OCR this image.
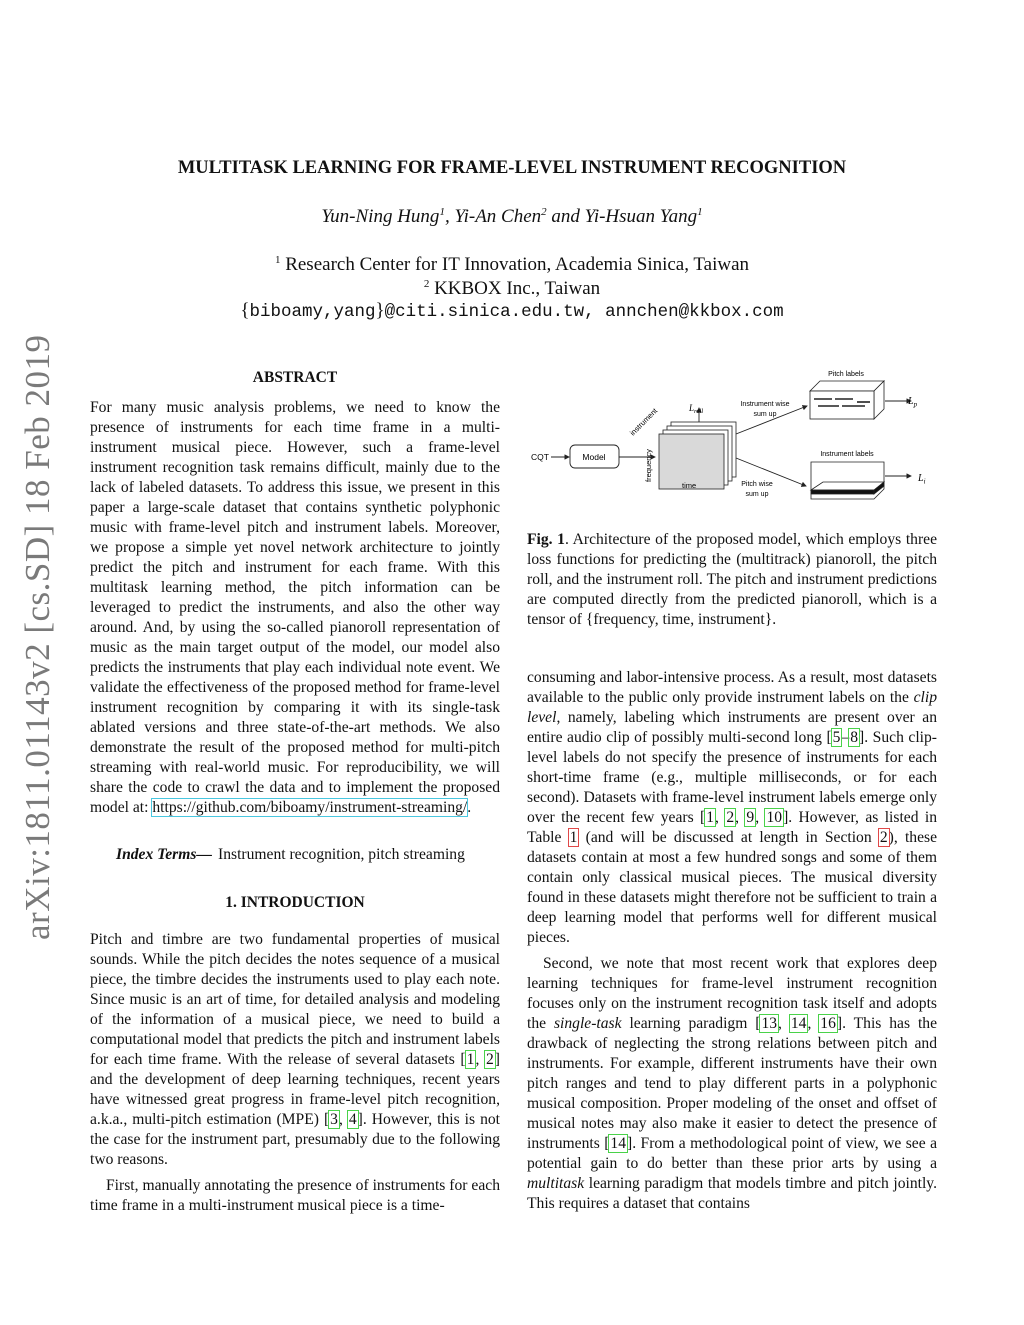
arXiv:1811.01143v2 [cs.SD] 18 Feb 2019
MULTITASK LEARNING FOR FRAME-LEVEL INSTRUMENT RECOGNITION
Yun-Ning Hung$^1$, Yi-An Chen$^2$ and Yi-Hsuan Yang$^1$
$^1$ Research Center for IT Innovation, Academia Sinica, Taiwan
$^2$ KKBOX Inc., Taiwan
{biboamy,yang}@citi.sinica.edu.tw, annchen@kkbox.com
ABSTRACT
For many music analysis problems, we need to know the presence of instruments for each time frame in a multi-instrument musical piece. However, such a frame-level instrument recognition task remains difficult, mainly due to the lack of labeled datasets. To address this issue, we present in this paper a large-scale dataset that contains synthetic polyphonic music with frame-level pitch and instrument labels. Moreover, we propose a simple yet novel network architecture to jointly predict the pitch and instrument for each frame. With this multitask learning method, the pitch information can be leveraged to predict the instruments, and also the other way around. And, by using the so-called pianoroll representation of music as the main target output of the model, our model also predicts the instruments that play each individual note event. We validate the effectiveness of the proposed method for frame-level instrument recognition by comparing it with its single-task ablated versions and three state-of-the-art methods. We also demonstrate the result of the proposed method for multi-pitch streaming with real-world music. For reproducibility, we will share the code to crawl the data and to implement the proposed model at: https://github.com/biboamy/instrument-streaming/.
Index Terms— Instrument recognition, pitch streaming
1. INTRODUCTION

Pitch and timbre are two fundamental properties of musical sounds. While the pitch decides the notes sequence of a musical piece, the timbre decides the instruments used to play each note. Since music is an art of time, for detailed analysis and modeling of the information of a musical piece, we need to build a computational model that predicts the pitch and instrument labels for each time frame. With the release of several datasets [1, 2] and the development of deep learning techniques, recent years have witnessed great progress in frame-level pitch recognition, a.k.a., multi-pitch estimation (MPE) [3, 4]. However, this is not the case for the instrument part, presumably due to the following two reasons.

First, manually annotating the presence of instruments for each time frame in a multi-instrument musical piece is a time-

CQT	Model	frequency
instrument
time
$L_{roll}$
Instrument wise
sum up
Pitch wise
sum up
Pitch labels
$L_p$
Instrument labels
$L_i$
Fig. 1. Architecture of the proposed model, which employs three loss functions for predicting the (multitrack) pianoroll, the pitch roll, and the instrument roll. The pitch and instrument predictions are computed directly from the predicted pianoroll, which is a tensor of {frequency, time, instrument}.

consuming and labor-intensive process. As a result, most datasets available to the public only provide instrument labels on the clip level, namely, labeling which instruments are present over an entire audio clip of possibly multi-second long [5–8]. Such clip-level labels do not specify the presence of instruments for each short-time frame (e.g., multiple milliseconds, or for each second). Datasets with frame-level instrument labels emerge only over the recent few years [1, 2, 9, 10]. However, as listed in Table 1 (and will be discussed at length in Section 2), these datasets contain at most a few hundred songs and some of them contain only classical musical pieces. The musical diversity found in these datasets might therefore not be sufficient to train a deep learning model that performs well for different musical pieces.

Second, we note that most recent work that explores deep learning techniques for frame-level instrument recognition focuses only on the instrument recognition task itself and adopts the single-task learning paradigm [13, 14, 16]. This has the drawback of neglecting the strong relations between pitch and instruments. For example, different instruments have their own pitch ranges and tend to play different parts in a polyphonic musical composition. Proper modeling of the onset and offset of musical notes may also make it easier to detect the presence of instruments [14]. From a methodological point of view, we see a potential gain to do better than these prior arts by using a multitask learning paradigm that models timbre and pitch jointly. This requires a dataset that contains
